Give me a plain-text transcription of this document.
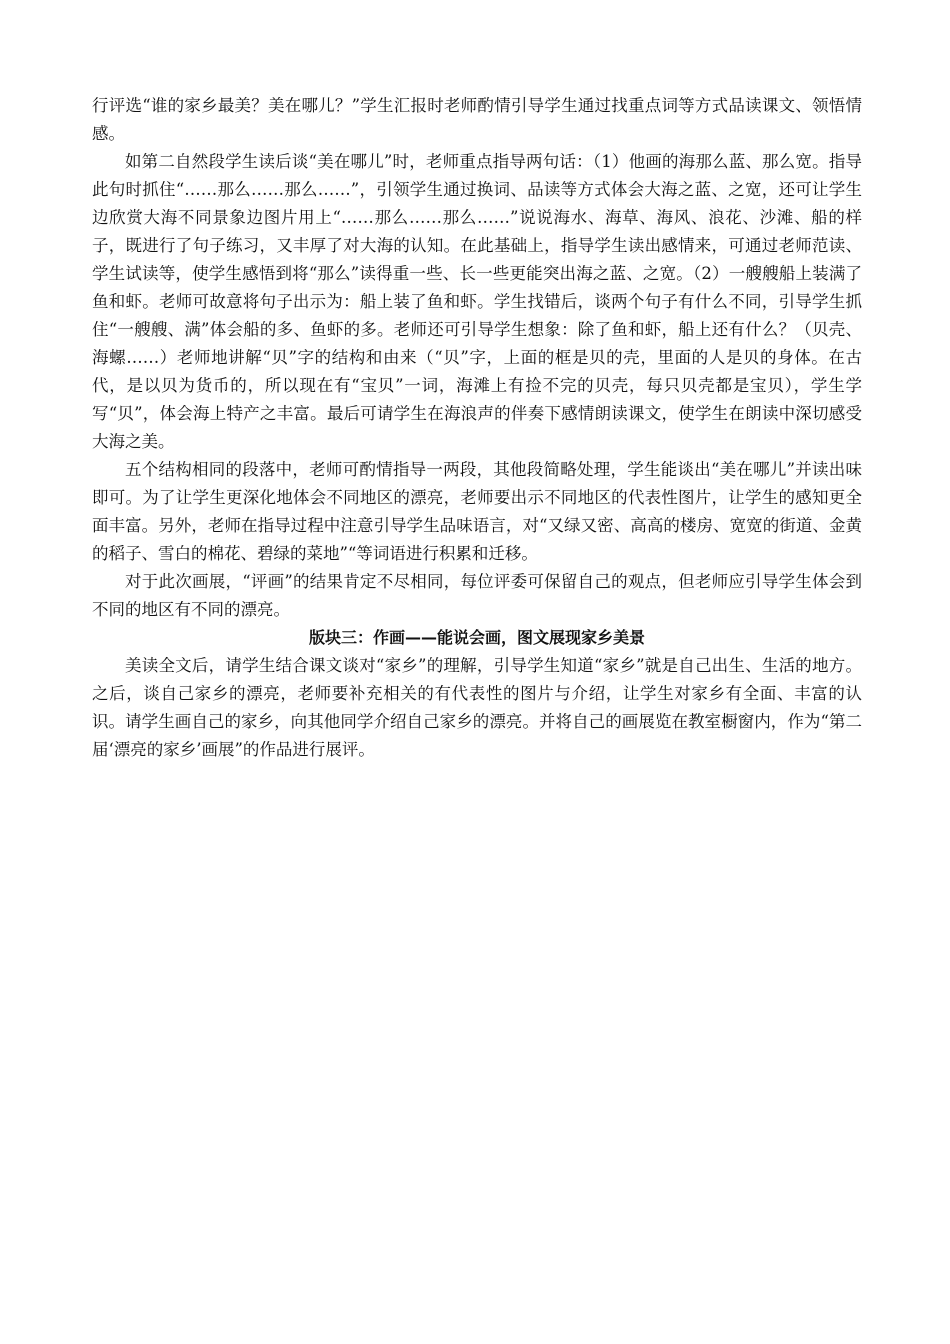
行评选“谁的家乡最美？美在哪儿？”学生汇报时老师酌情引导学生通过找重点词等方式品读课文、领悟情感。

如第二自然段学生读后谈“美在哪儿”时，老师重点指导两句话：（1）他画的海那么蓝、那么宽。指导此句时抓住“……那么……那么……”，引领学生通过换词、品读等方式体会大海之蓝、之宽，还可让学生边欣赏大海不同景象边图片用上“……那么……那么……”说说海水、海草、海风、浪花、沙滩、船的样子，既进行了句子练习，又丰厚了对大海的认知。在此基础上，指导学生读出感情来，可通过老师范读、学生试读等，使学生感悟到将“那么”读得重一些、长一些更能突出海之蓝、之宽。（2）一艘艘船上装满了鱼和虾。老师可故意将句子出示为：船上装了鱼和虾。学生找错后，谈两个句子有什么不同，引导学生抓住“一艘艘、满”体会船的多、鱼虾的多。老师还可引导学生想象：除了鱼和虾，船上还有什么？（贝壳、海螺……）老师地讲解“贝”字的结构和由来（“贝”字，上面的框是贝的壳，里面的人是贝的身体。在古代，是以贝为货币的，所以现在有“宝贝”一词，海滩上有捡不完的贝壳，每只贝壳都是宝贝），学生学写“贝”，体会海上特产之丰富。最后可请学生在海浪声的伴奏下感情朗读课文，使学生在朗读中深切感受大海之美。

五个结构相同的段落中，老师可酌情指导一两段，其他段简略处理，学生能谈出“美在哪儿”并读出味即可。为了让学生更深化地体会不同地区的漂亮，老师要出示不同地区的代表性图片，让学生的感知更全面丰富。另外，老师在指导过程中注意引导学生品味语言，对“又绿又密、高高的楼房、宽宽的街道、金黄的稻子、雪白的棉花、碧绿的菜地”“等词语进行积累和迁移。

对于此次画展，“评画”的结果肯定不尽相同，每位评委可保留自己的观点，但老师应引导学生体会到不同的地区有不同的漂亮。

版块三：作画——能说会画，图文展现家乡美景

美读全文后，请学生结合课文谈对“家乡”的理解，引导学生知道“家乡”就是自己出生、生活的地方。之后，谈自己家乡的漂亮，老师要补充相关的有代表性的图片与介绍，让学生对家乡有全面、丰富的认识。请学生画自己的家乡，向其他同学介绍自己家乡的漂亮。并将自己的画展览在教室橱窗内，作为“第二届‘漂亮的家乡’画展”的作品进行展评。
